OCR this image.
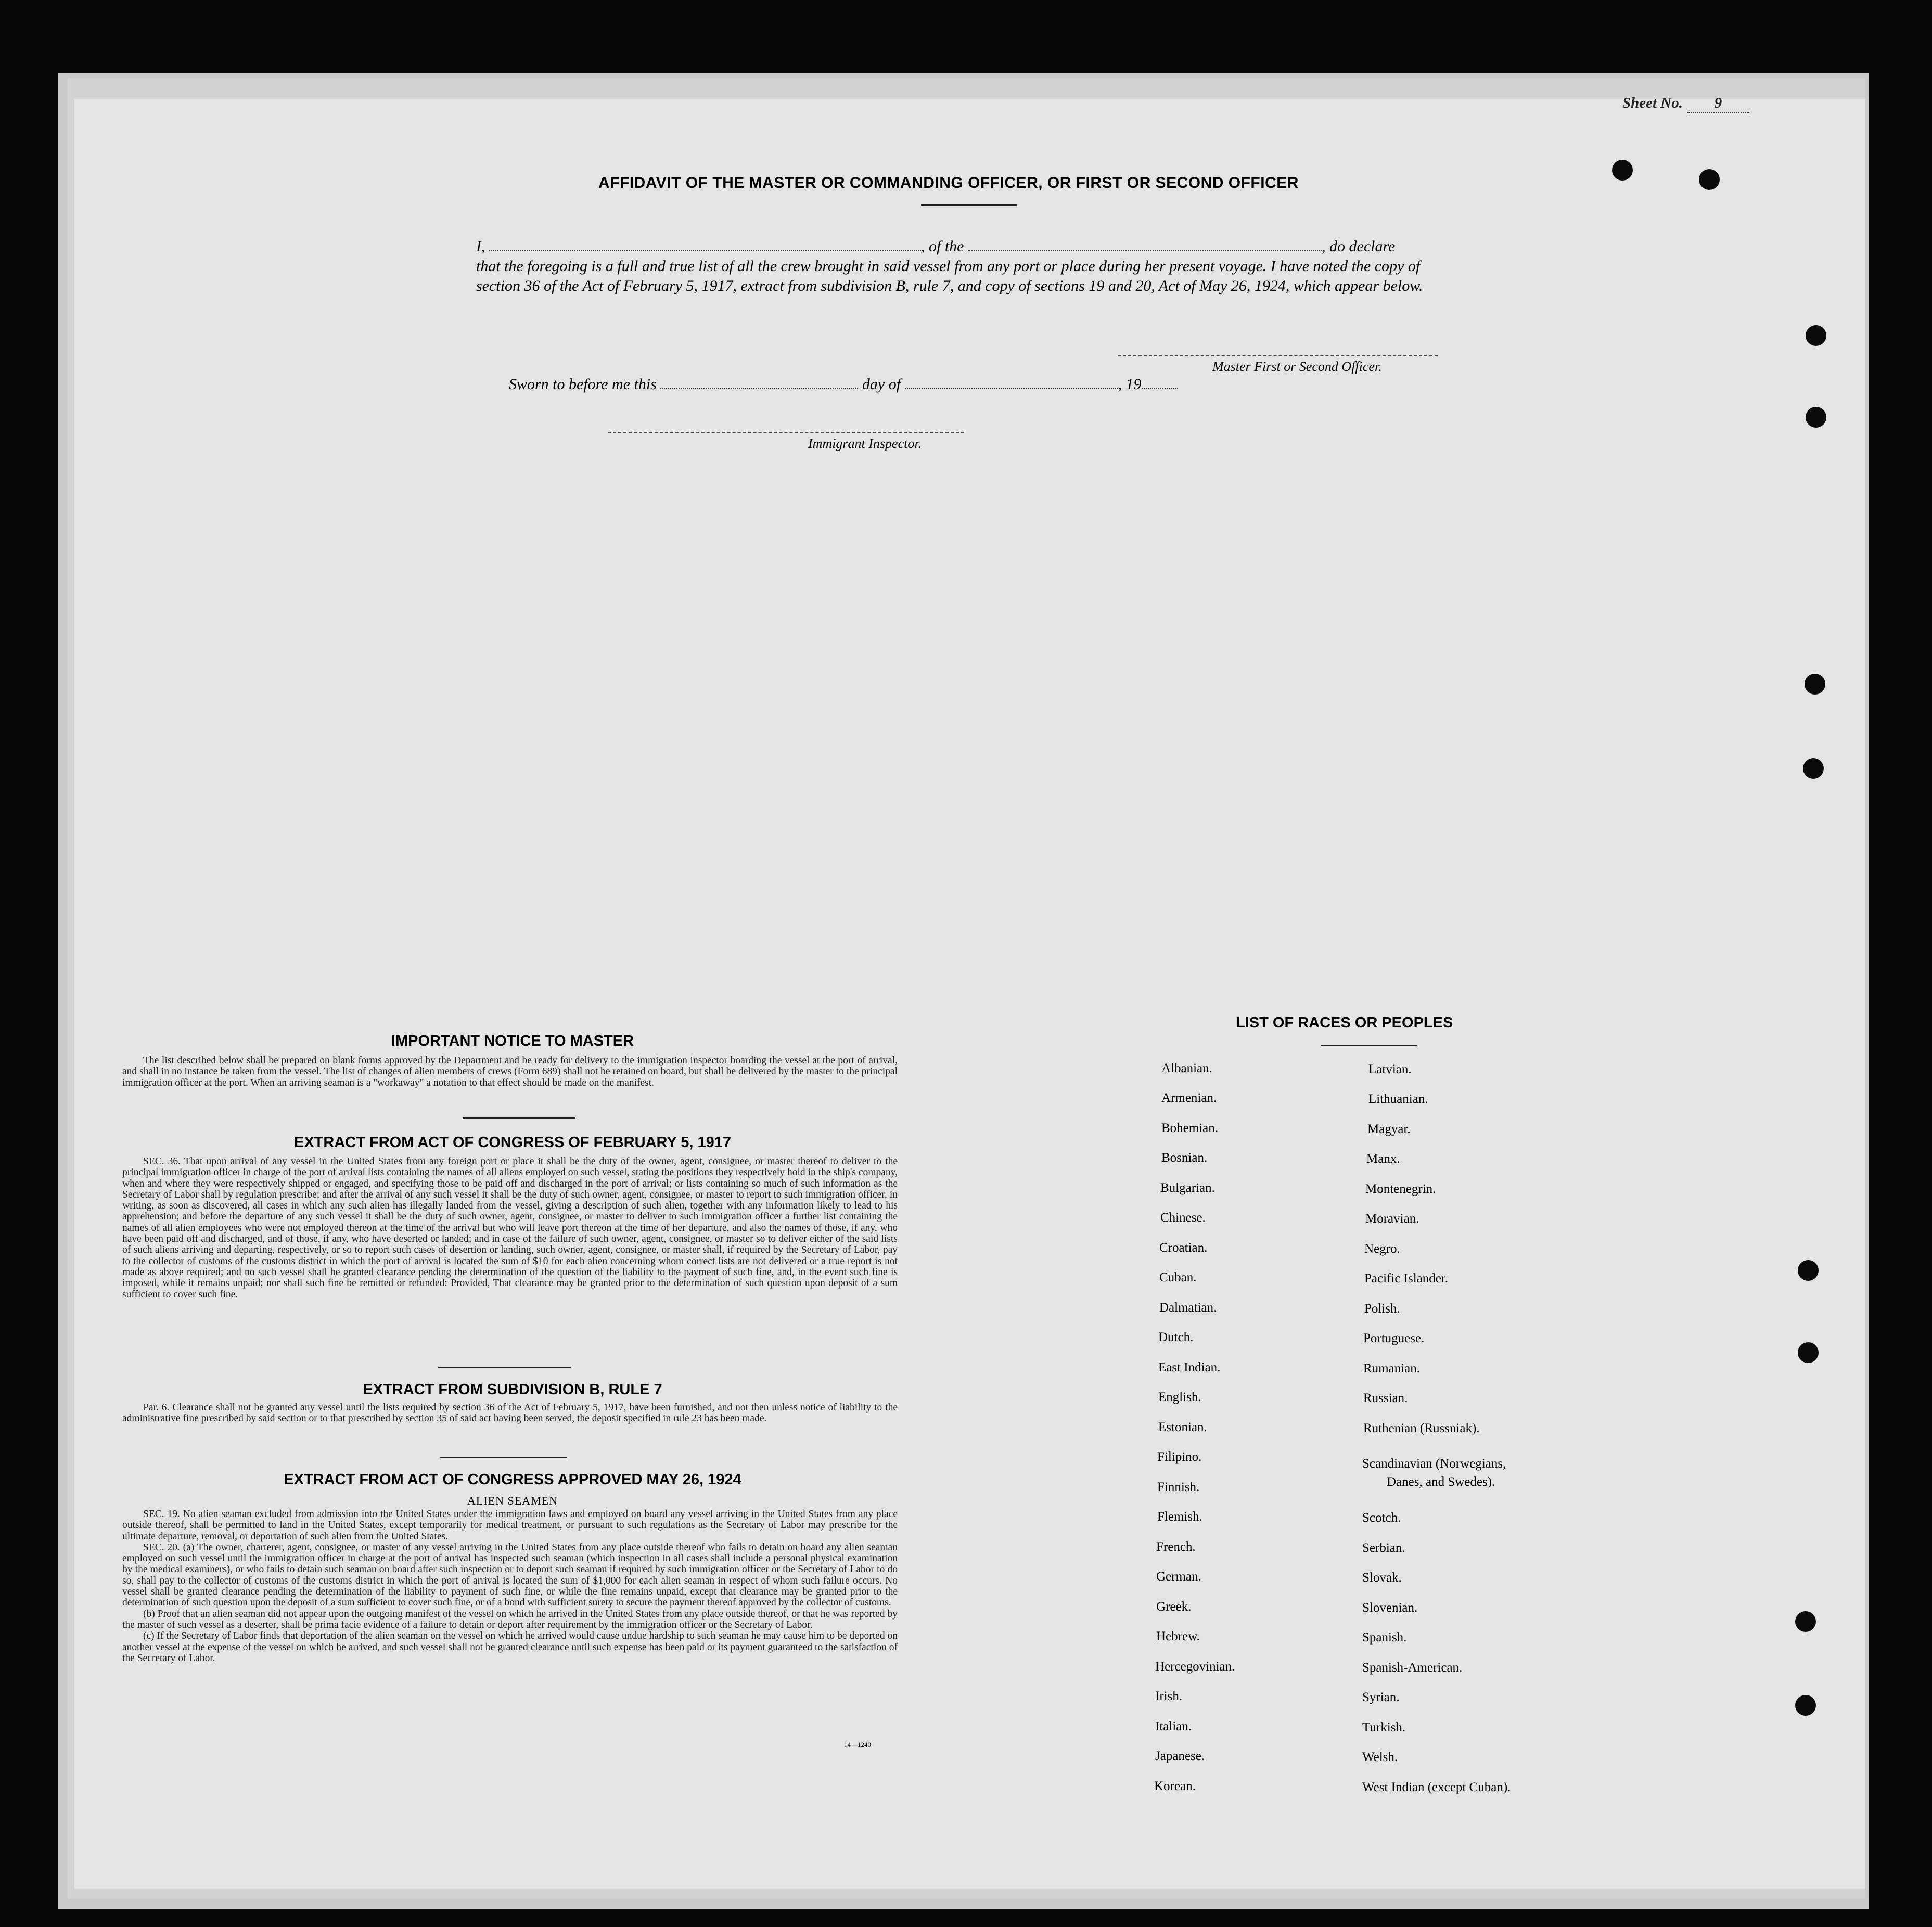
Sheet No. 9
AFFIDAVIT OF THE MASTER OR COMMANDING OFFICER, OR FIRST OR SECOND OFFICER
I,	, of the	, do declare
that the foregoing is a full and true list of all the crew brought in said vessel from any port or place during her present voyage. I have noted the copy of section 36 of the Act of February 5, 1917, extract from subdivision B, rule 7, and copy of sections 19 and 20, Act of May 26, 1924, which appear below.
Master First or Second Officer.
Sworn to before me this	day of	, 19
Immigrant Inspector.
IMPORTANT NOTICE TO MASTER

The list described below shall be prepared on blank forms approved by the Department and be ready for delivery to the immigration inspector boarding the vessel at the port of arrival, and shall in no instance be taken from the vessel. The list of changes of alien members of crews (Form 689) shall not be retained on board, but shall be delivered by the master to the principal immigration officer at the port. When an arriving seaman is a "workaway" a notation to that effect should be made on the manifest.

EXTRACT FROM ACT OF CONGRESS OF FEBRUARY 5, 1917

SEC. 36. That upon arrival of any vessel in the United States from any foreign port or place it shall be the duty of the owner, agent, consignee, or master thereof to deliver to the principal immigration officer in charge of the port of arrival lists containing the names of all aliens employed on such vessel, stating the positions they respectively hold in the ship's company, when and where they were respectively shipped or engaged, and specifying those to be paid off and discharged in the port of arrival; or lists containing so much of such information as the Secretary of Labor shall by regulation prescribe; and after the arrival of any such vessel it shall be the duty of such owner, agent, consignee, or master to report to such immigration officer, in writing, as soon as discovered, all cases in which any such alien has illegally landed from the vessel, giving a description of such alien, together with any information likely to lead to his apprehension; and before the departure of any such vessel it shall be the duty of such owner, agent, consignee, or master to deliver to such immigration officer a further list containing the names of all alien employees who were not employed thereon at the time of the arrival but who will leave port thereon at the time of her departure, and also the names of those, if any, who have been paid off and discharged, and of those, if any, who have deserted or landed; and in case of the failure of such owner, agent, consignee, or master so to deliver either of the said lists of such aliens arriving and departing, respectively, or so to report such cases of desertion or landing, such owner, agent, consignee, or master shall, if required by the Secretary of Labor, pay to the collector of customs of the customs district in which the port of arrival is located the sum of $10 for each alien concerning whom correct lists are not delivered or a true report is not made as above required; and no such vessel shall be granted clearance pending the determination of the question of the liability to the payment of such fine, and, in the event such fine is imposed, while it remains unpaid; nor shall such fine be remitted or refunded: Provided, That clearance may be granted prior to the determination of such question upon deposit of a sum sufficient to cover such fine.

EXTRACT FROM SUBDIVISION B, RULE 7

Par. 6. Clearance shall not be granted any vessel until the lists required by section 36 of the Act of February 5, 1917, have been furnished, and not then unless notice of liability to the administrative fine prescribed by said section or to that prescribed by section 35 of said act having been served, the deposit specified in rule 23 has been made.

EXTRACT FROM ACT OF CONGRESS APPROVED MAY 26, 1924
ALIEN SEAMEN

SEC. 19. No alien seaman excluded from admission into the United States under the immigration laws and employed on board any vessel arriving in the United States from any place outside thereof, shall be permitted to land in the United States, except temporarily for medical treatment, or pursuant to such regulations as the Secretary of Labor may prescribe for the ultimate departure, removal, or deportation of such alien from the United States.

SEC. 20. (a) The owner, charterer, agent, consignee, or master of any vessel arriving in the United States from any place outside thereof who fails to detain on board any alien seaman employed on such vessel until the immigration officer in charge at the port of arrival has inspected such seaman (which inspection in all cases shall include a personal physical examination by the medical examiners), or who fails to detain such seaman on board after such inspection or to deport such seaman if required by such immigration officer or the Secretary of Labor to do so, shall pay to the collector of customs of the customs district in which the port of arrival is located the sum of $1,000 for each alien seaman in respect of whom such failure occurs. No vessel shall be granted clearance pending the determination of the liability to payment of such fine, or while the fine remains unpaid, except that clearance may be granted prior to the determination of such question upon the deposit of a sum sufficient to cover such fine, or of a bond with sufficient surety to secure the payment thereof approved by the collector of customs.

(b) Proof that an alien seaman did not appear upon the outgoing manifest of the vessel on which he arrived in the United States from any place outside thereof, or that he was reported by the master of such vessel as a deserter, shall be prima facie evidence of a failure to detain or deport after requirement by the immigration officer or the Secretary of Labor.

(c) If the Secretary of Labor finds that deportation of the alien seaman on the vessel on which he arrived would cause undue hardship to such seaman he may cause him to be deported on another vessel at the expense of the vessel on which he arrived, and such vessel shall not be granted clearance until such expense has been paid or its payment guaranteed to the satisfaction of the Secretary of Labor.

14—1240
LIST OF RACES OR PEOPLES
Albanian.
Armenian.
Bohemian.
Bosnian.
Bulgarian.
Chinese.
Croatian.
Cuban.
Dalmatian.
Dutch.
East Indian.
English.
Estonian.
Filipino.
Finnish.
Flemish.
French.
German.
Greek.
Hebrew.
Hercegovinian.
Irish.
Italian.
Japanese.
Korean.
Latvian.
Lithuanian.
Magyar.
Manx.
Montenegrin.
Moravian.
Negro.
Pacific Islander.
Polish.
Portuguese.
Rumanian.
Russian.
Ruthenian (Russniak).
Scandinavian (Norwegians,
Danes, and Swedes).
Scotch.
Serbian.
Slovak.
Slovenian.
Spanish.
Spanish-American.
Syrian.
Turkish.
Welsh.
West Indian (except Cuban).
